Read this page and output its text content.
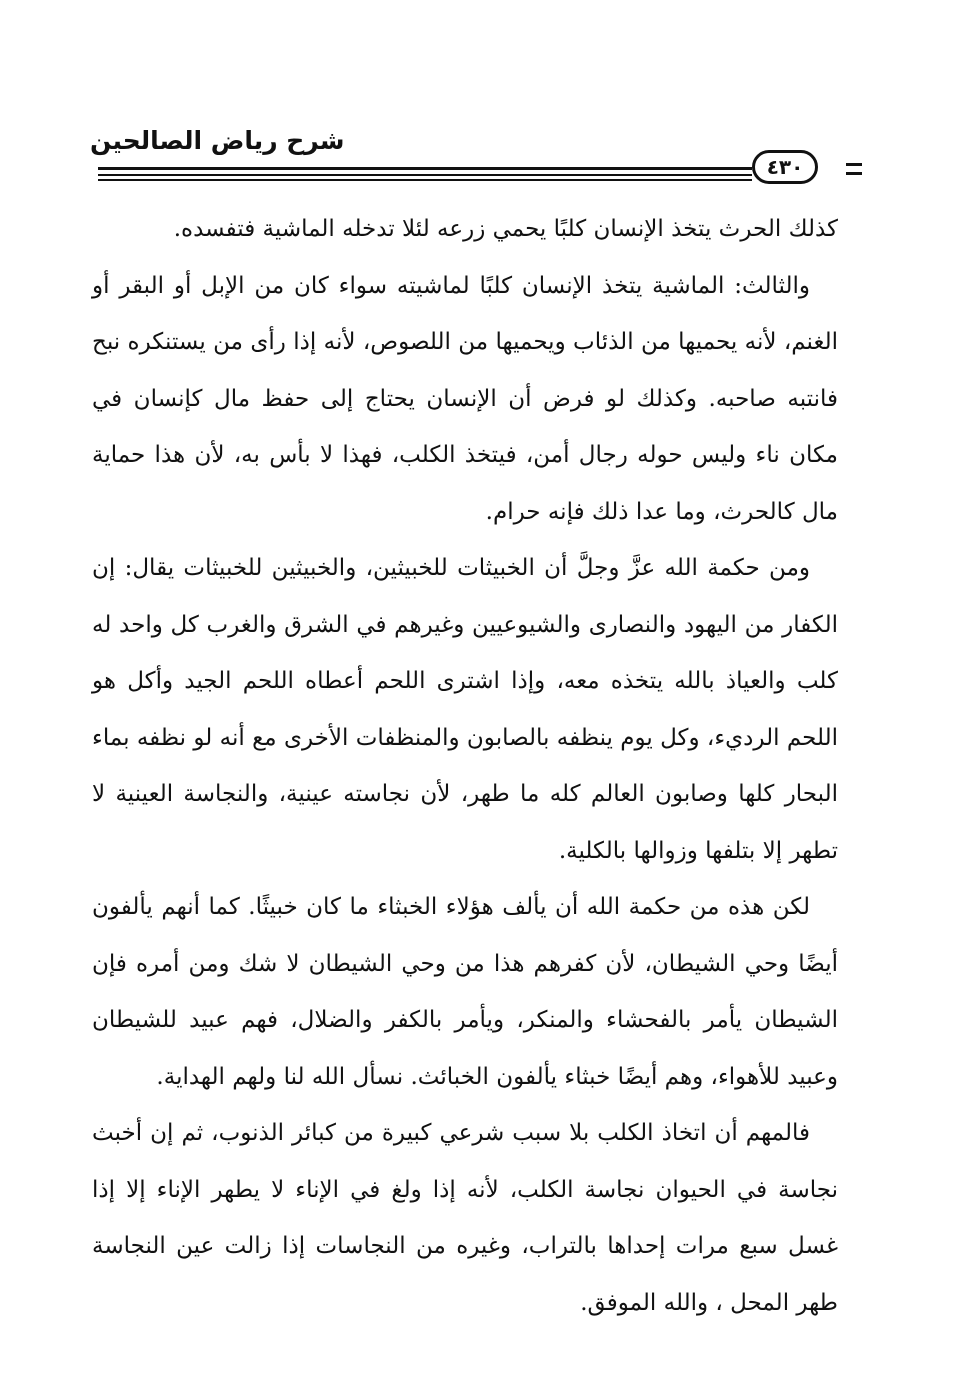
شرح رياض الصالحين
٤٣٠

كذلك الحرث يتخذ الإنسان كلبًا يحمي زرعه لئلا تدخله الماشية فتفسده.

والثالث: الماشية يتخذ الإنسان كلبًا لماشيته سواء كان من الإبل أو البقر أو الغنم، لأنه يحميها من الذئاب ويحميها من اللصوص، لأنه إذا رأى من يستنكره نبح فانتبه صاحبه. وكذلك لو فرض أن الإنسان يحتاج إلى حفظ مال كإنسان في مكان ناء وليس حوله رجال أمن، فيتخذ الكلب، فهذا لا بأس به، لأن هذا حماية مال كالحرث، وما عدا ذلك فإنه حرام.

ومن حكمة الله عزَّ وجلَّ أن الخبيثات للخبيثين، والخبيثين للخبيثات يقال: إن الكفار من اليهود والنصارى والشيوعيين وغيرهم في الشرق والغرب كل واحد له كلب والعياذ بالله يتخذه معه، وإذا اشترى اللحم أعطاه اللحم الجيد وأكل هو اللحم الرديء، وكل يوم ينظفه بالصابون والمنظفات الأخرى مع أنه لو نظفه بماء البحار كلها وصابون العالم كله ما طهر، لأن نجاسته عينية، والنجاسة العينية لا تطهر إلا بتلفها وزوالها بالكلية.

لكن هذه من حكمة الله أن يألف هؤلاء الخبثاء ما كان خبيثًا. كما أنهم يألفون أيضًا وحي الشيطان، لأن كفرهم هذا من وحي الشيطان لا شك ومن أمره فإن الشيطان يأمر بالفحشاء والمنكر، ويأمر بالكفر والضلال، فهم عبيد للشيطان وعبيد للأهواء، وهم أيضًا خبثاء يألفون الخبائث. نسأل الله لنا ولهم الهداية.

فالمهم أن اتخاذ الكلب بلا سبب شرعي كبيرة من كبائر الذنوب، ثم إن أخبث نجاسة في الحيوان نجاسة الكلب، لأنه إذا ولغ في الإناء لا يطهر الإناء إلا إذا غسل سبع مرات إحداها بالتراب، وغيره من النجاسات إذا زالت عين النجاسة طهر المحل ، والله الموفق.
